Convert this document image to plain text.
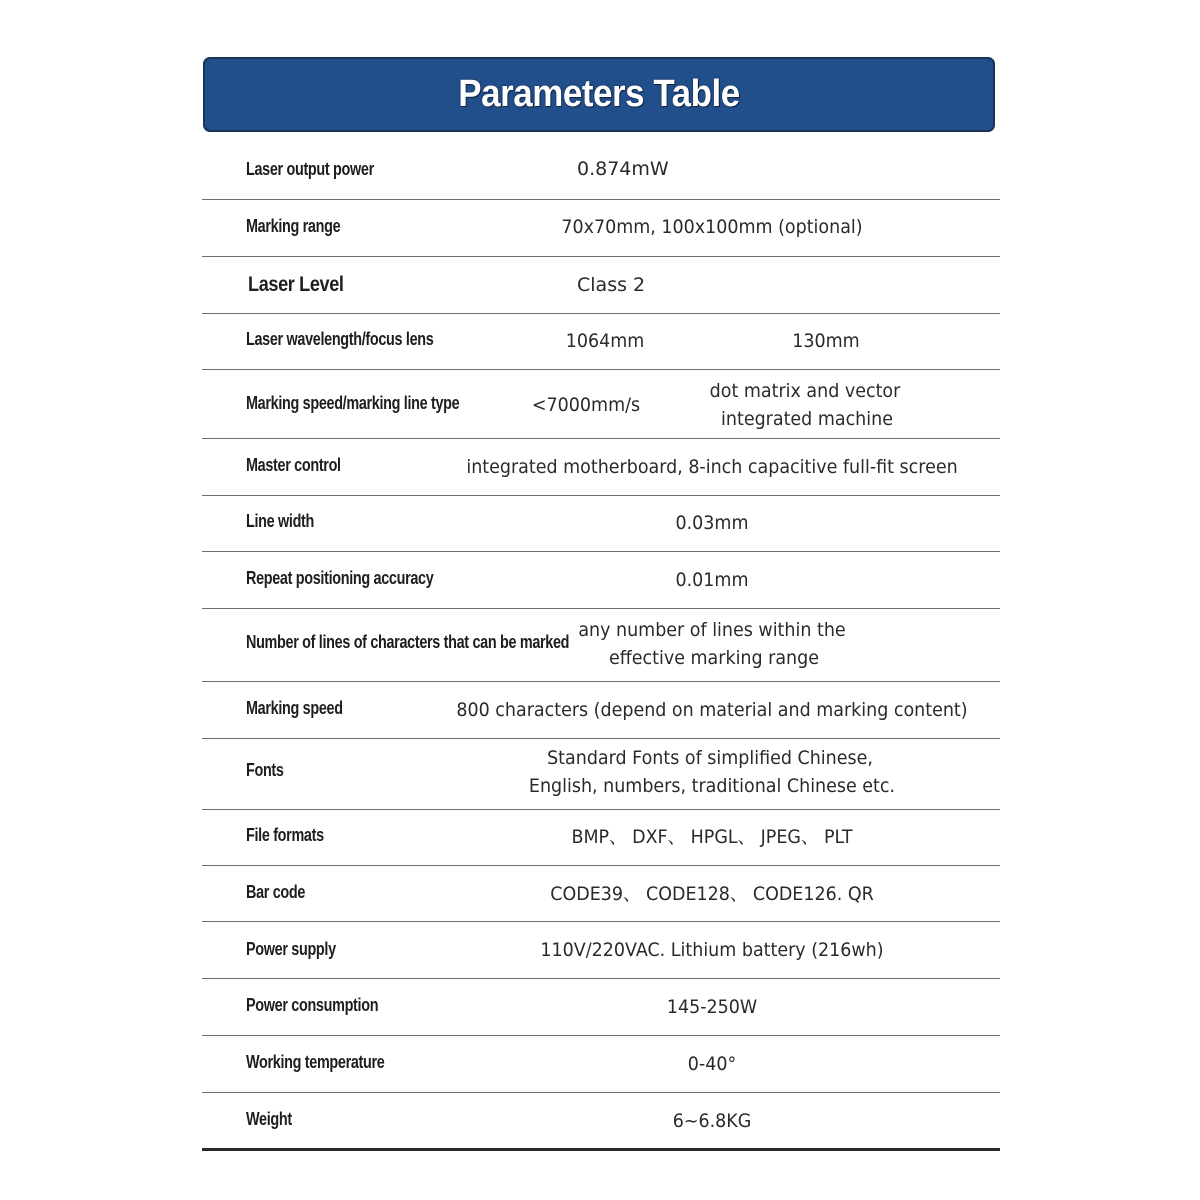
Parameters Table
Laser output power
Marking range
Laser Level
Laser wavelength/focus lens
Marking speed/marking line type
Master control
Line width
Repeat positioning accuracy
Number of lines of characters that can be marked
Marking speed
Fonts
File formats
Bar code
Power supply
Power consumption
Working temperature
Weight
0.874mW
70x70mm, 100x100mm (optional)
Class 2
1064mm	130mm
<7000mm/s
dot matrix and vector
integrated machine
integrated motherboard, 8-inch capacitive full-fit screen
0.03mm
0.01mm
any number of lines within the
effective marking range
800 characters (depend on material and marking content)
Standard Fonts of simplified Chinese,
English, numbers, traditional Chinese etc.
BMP、 DXF、 HPGL、 JPEG、 PLT
CODE39、 CODE128、 CODE126. QR
110V/220VAC. Lithium battery (216wh)
145-250W
0-40°
6~6.8KG
